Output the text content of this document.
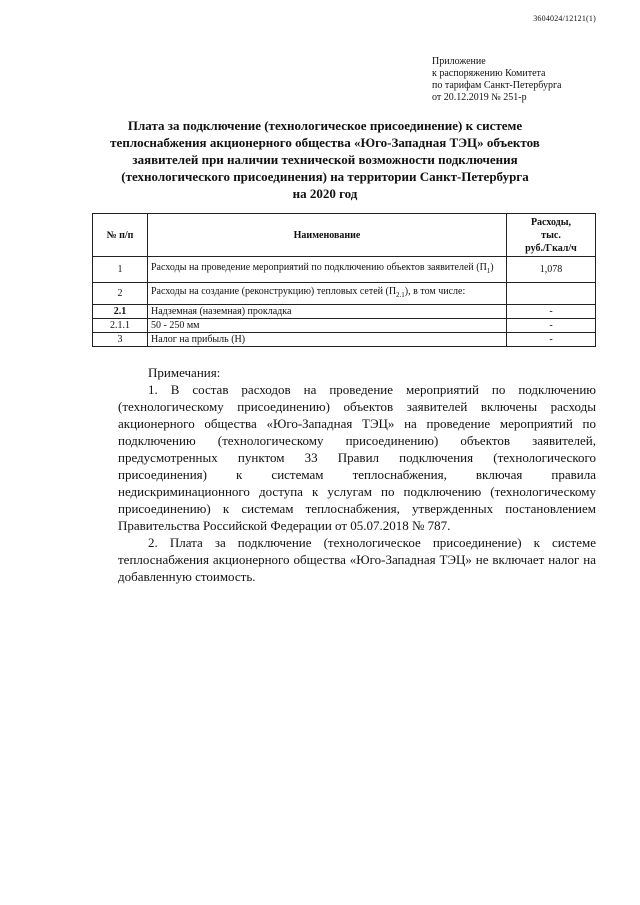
3604024/12121(1)
Приложение
к распоряжению Комитета
по тарифам Санкт-Петербурга
от 20.12.2019 № 251-р
Плата за подключение (технологическое присоединение) к системе
теплоснабжения акционерного общества «Юго-Западная ТЭЦ» объектов
заявителей при наличии технической возможности подключения
(технологического присоединения) на территории Санкт-Петербурга
на 2020 год
№ п/п	Наименование	Расходы,
тыс.
руб./Гкал/ч

1	Расходы на проведение мероприятий по подключению объектов заявителей $(П_1)$	1,078
2	Расходы на создание (реконструкцию) тепловых сетей $(П_{2.1})$, в том числе:	
2.1	Надземная (наземная) прокладка	-
2.1.1	50 - 250 мм	-
3	Налог на прибыль (Н)	-
Примечания:

1. В состав расходов на проведение мероприятий по подключению (технологическому присоединению) объектов заявителей включены расходы акционерного общества «Юго-Западная ТЭЦ» на проведение мероприятий по подключению (технологическому присоединению) объектов заявителей, предусмотренных пунктом 33 Правил подключения (технологического присоединения) к системам теплоснабжения, включая правила недискриминационного доступа к услугам по подключению (технологическому присоединению) к системам теплоснабжения, утвержденных постановлением Правительства Российской Федерации от 05.07.2018 № 787.

2. Плата за подключение (технологическое присоединение) к системе теплоснабжения акционерного общества «Юго-Западная ТЭЦ» не включает налог на добавленную стоимость.
